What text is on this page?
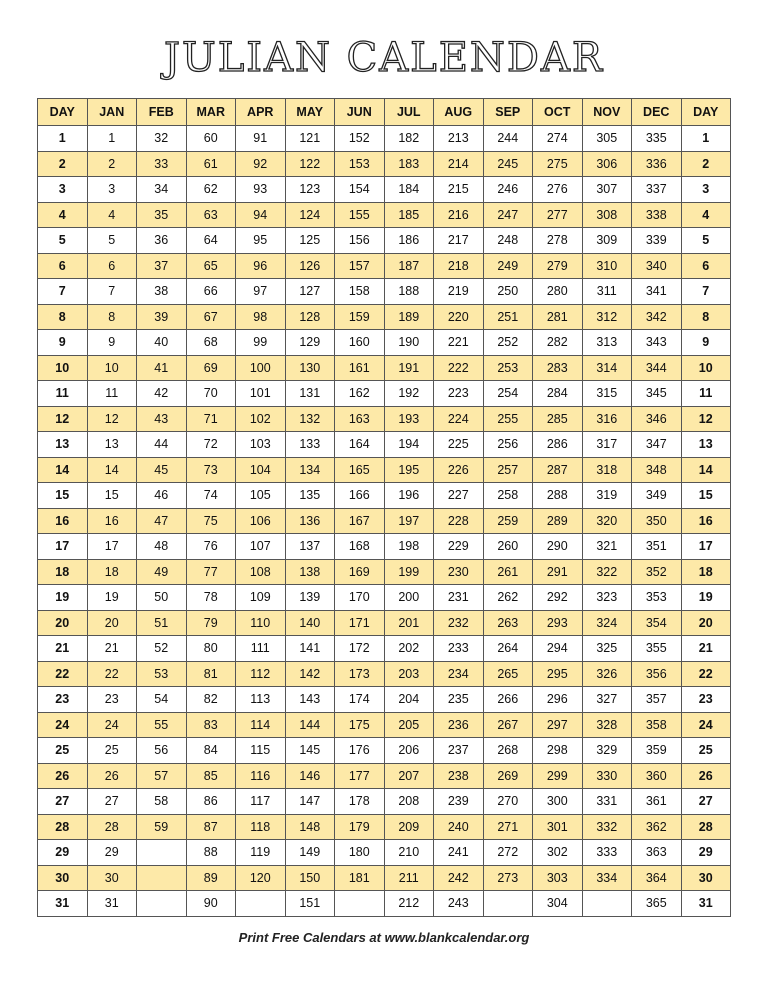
JULIAN CALENDAR
DAY	JAN	FEB	MAR	APR	MAY	JUN	JUL	AUG	SEP	OCT	NOV	DEC	DAY
1	1	32	60	91	121	152	182	213	244	274	305	335	1
2	2	33	61	92	122	153	183	214	245	275	306	336	2
3	3	34	62	93	123	154	184	215	246	276	307	337	3
4	4	35	63	94	124	155	185	216	247	277	308	338	4
5	5	36	64	95	125	156	186	217	248	278	309	339	5
6	6	37	65	96	126	157	187	218	249	279	310	340	6
7	7	38	66	97	127	158	188	219	250	280	311	341	7
8	8	39	67	98	128	159	189	220	251	281	312	342	8
9	9	40	68	99	129	160	190	221	252	282	313	343	9
10	10	41	69	100	130	161	191	222	253	283	314	344	10
11	11	42	70	101	131	162	192	223	254	284	315	345	11
12	12	43	71	102	132	163	193	224	255	285	316	346	12
13	13	44	72	103	133	164	194	225	256	286	317	347	13
14	14	45	73	104	134	165	195	226	257	287	318	348	14
15	15	46	74	105	135	166	196	227	258	288	319	349	15
16	16	47	75	106	136	167	197	228	259	289	320	350	16
17	17	48	76	107	137	168	198	229	260	290	321	351	17
18	18	49	77	108	138	169	199	230	261	291	322	352	18
19	19	50	78	109	139	170	200	231	262	292	323	353	19
20	20	51	79	110	140	171	201	232	263	293	324	354	20
21	21	52	80	111	141	172	202	233	264	294	325	355	21
22	22	53	81	112	142	173	203	234	265	295	326	356	22
23	23	54	82	113	143	174	204	235	266	296	327	357	23
24	24	55	83	114	144	175	205	236	267	297	328	358	24
25	25	56	84	115	145	176	206	237	268	298	329	359	25
26	26	57	85	116	146	177	207	238	269	299	330	360	26
27	27	58	86	117	147	178	208	239	270	300	331	361	27
28	28	59	87	118	148	179	209	240	271	301	332	362	28
29	29		88	119	149	180	210	241	272	302	333	363	29
30	30		89	120	150	181	211	242	273	303	334	364	30
31	31		90		151		212	243		304		365	31
Print Free Calendars at www.blankcalendar.org
